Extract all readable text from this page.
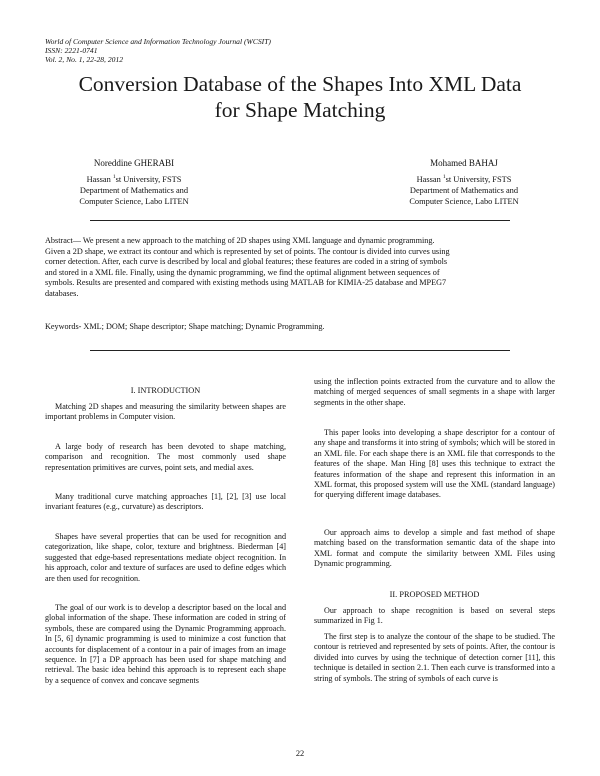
World of Computer Science and Information Technology Journal (WCSIT)
ISSN: 2221-0741
Vol. 2, No. 1, 22-28, 2012
Conversion Database of the Shapes Into XML Data
for Shape Matching
Noreddine GHERABI
Hassan $^1$st University, FSTS
Department of Mathematics and
Computer Science, Labo LITEN
Mohamed BAHAJ
Hassan $^1$st University, FSTS
Department of Mathematics and
Computer Science, Labo LITEN
Abstract— We present a new approach to the matching of 2D shapes using XML language and dynamic programming.
Given a 2D shape, we extract its contour and which is represented by set of points. The contour is divided into curves using
corner detection. After, each curve is described by local and global features; these features are coded in a string of symbols
and stored in a XML file. Finally, using the dynamic programming, we find the optimal alignment between sequences of
symbols. Results are presented and compared with existing methods using MATLAB for KIMIA-25 database and MPEG7
databases.
Keywords- XML; DOM; Shape descriptor; Shape matching; Dynamic Programming.
I. INTRODUCTION

Matching 2D shapes and measuring the similarity between shapes are important problems in Computer vision.

A large body of research has been devoted to shape matching, comparison and recognition. The most commonly used shape representation primitives are curves, point sets, and medial axes.

Many traditional curve matching approaches [1], [2], [3] use local invariant features (e.g., curvature) as descriptors.

Shapes have several properties that can be used for recognition and categorization, like shape, color, texture and brightness. Biederman [4] suggested that edge-based representations mediate object recognition. In his approach, color and texture of surfaces are used to define edges which are then used for recognition.

The goal of our work is to develop a descriptor based on the local and global information of the shape. These information are coded in string of symbols, these are compared using the Dynamic Programming approach. In [5, 6] dynamic programming is used to minimize a cost function that accounts for displacement of a contour in a pair of images from an image sequence. In [7] a DP approach has been used for shape matching and retrieval. The basic idea behind this approach is to represent each shape by a sequence of convex and concave segments

using the inflection points extracted from the curvature and to allow the matching of merged sequences of small segments in a shape with larger segments in the other shape.

This paper looks into developing a shape descriptor for a contour of any shape and transforms it into string of symbols; which will be stored in an XML file. For each shape there is an XML file that corresponds to the features of the shape. Man Hing [8] uses this technique to extract the features information of the shape and represent this information in an XML format, this proposed system will use the XML (standard language) for querying different image databases.

Our approach aims to develop a simple and fast method of shape matching based on the transformation semantic data of the shape into XML format and compute the similarity between XML Files using Dynamic programming.

II. PROPOSED METHOD

Our approach to shape recognition is based on several steps summarized in Fig 1.

The first step is to analyze the contour of the shape to be studied. The contour is retrieved and represented by sets of points. After, the contour is divided into curves by using the technique of detection corner [11], this technique is detailed in section 2.1. Then each curve is transformed into a string of symbols. The string of symbols of each curve is

22
